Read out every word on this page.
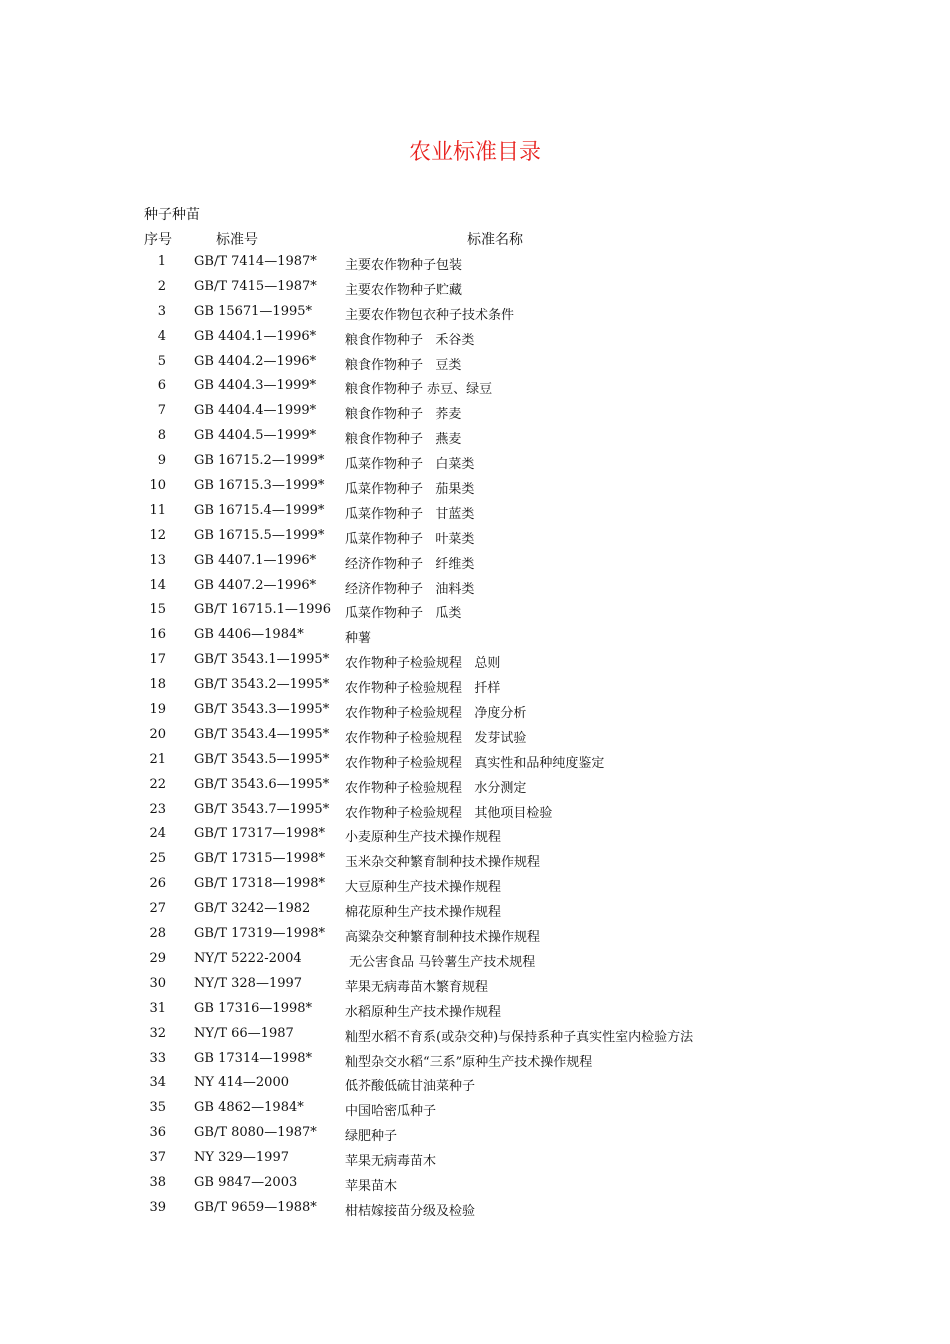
农业标准目录
种子种苗
序号	标准号	标准名称
1 GB/T 7414—1987* 主要农作物种子包装
2 GB/T 7415—1987* 主要农作物种子贮藏
3 GB 15671—1995*	主要农作物包衣种子技术条件
4 GB 4404.1—1996* 粮食作物种子   禾谷类
5 GB 4404.2—1996* 粮食作物种子   豆类
6 GB 4404.3—1999* 粮食作物种子 赤豆、绿豆
7 GB 4404.4—1999* 粮食作物种子   荞麦
8 GB 4404.5—1999* 粮食作物种子   燕麦
9 GB 16715.2—1999* 瓜菜作物种子   白菜类
10 GB 16715.3—1999* 瓜菜作物种子   茄果类
11 GB 16715.4—1999* 瓜菜作物种子   甘蓝类
12 GB 16715.5—1999* 瓜菜作物种子   叶菜类
13 GB 4407.1—1996* 经济作物种子   纤维类
14 GB 4407.2—1996* 经济作物种子   油料类
15 GB/T 16715.1—1996 瓜菜作物种子   瓜类
16 GB 4406—1984*	种薯
17 GB/T 3543.1—1995* 农作物种子检验规程   总则
18 GB/T 3543.2—1995* 农作物种子检验规程   扦样
19 GB/T 3543.3—1995* 农作物种子检验规程   净度分析
20 GB/T 3543.4—1995* 农作物种子检验规程   发芽试验
21 GB/T 3543.5—1995* 农作物种子检验规程   真实性和品种纯度鉴定
22 GB/T 3543.6—1995* 农作物种子检验规程   水分测定
23 GB/T 3543.7—1995* 农作物种子检验规程   其他项目检验
24 GB/T 17317—1998* 小麦原种生产技术操作规程
25 GB/T 17315—1998* 玉米杂交种繁育制种技术操作规程
26 GB/T 17318—1998* 大豆原种生产技术操作规程
27 GB/T 3242—1982	棉花原种生产技术操作规程
28 GB/T 17319—1998* 高粱杂交种繁育制种技术操作规程
29 NY/T 5222-2004	无公害食品 马铃薯生产技术规程
30 NY/T 328—1997	苹果无病毒苗木繁育规程
31 GB 17316—1998*	水稻原种生产技术操作规程
32 NY/T 66—1987	籼型水稻不育系(或杂交种)与保持系种子真实性室内检验方法
33 GB 17314—1998*	籼型杂交水稻“三系”原种生产技术操作规程
34 NY 414—2000	低芥酸低硫甘油菜种子
35 GB 4862—1984*	中国哈密瓜种子
36 GB/T 8080—1987* 绿肥种子
37 NY 329—1997	苹果无病毒苗木
38 GB 9847—2003	苹果苗木
39 GB/T 9659—1988* 柑桔嫁接苗分级及检验
